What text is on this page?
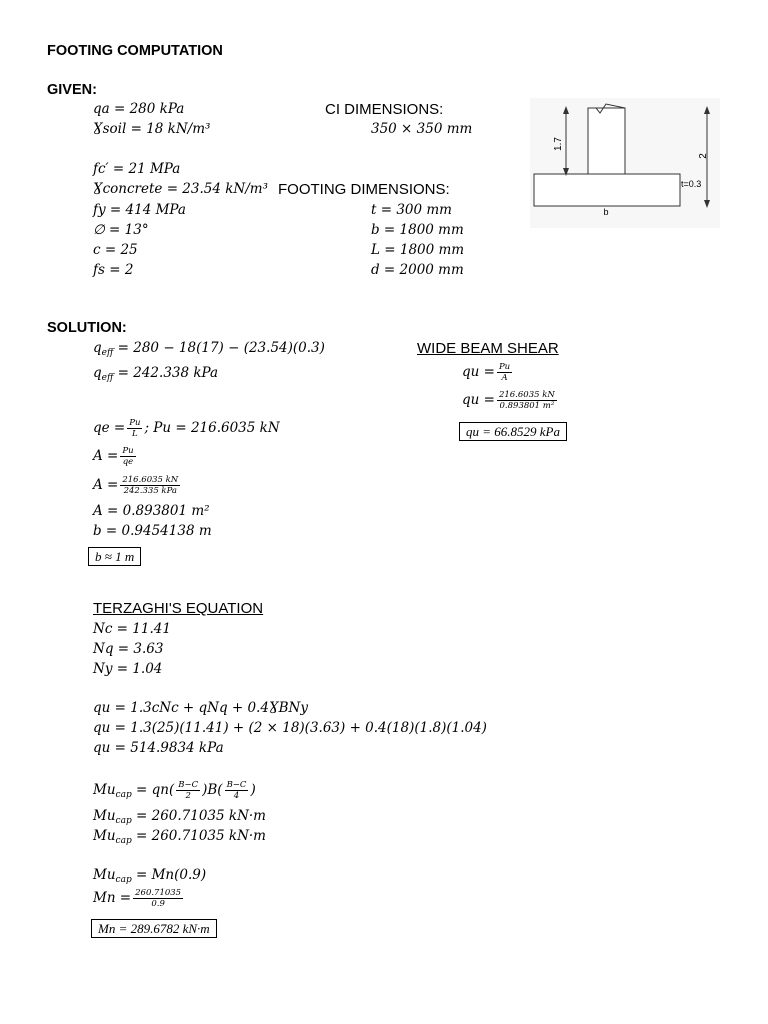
FOOTING COMPUTATION
GIVEN:
qa = 280 kPa
Ɣsoil = 18 kN/m³
fc′ = 21 MPa
Ɣconcrete = 23.54 kN/m³
fy = 414 MPa
∅ = 13°
c = 25
fs = 2
CI DIMENSIONS:
350 × 350 mm
FOOTING DIMENSIONS:
t = 300 mm
b = 1800 mm
L = 1800 mm
d = 2000 mm
1.7
2
t=0.3
b
SOLUTION:
$q_{eff} = 280 - 18(17) - (23.54)(0.3)$
$q_{eff} = 242.338$ kPa
qe = $\frac{Pu}{L}$ ; Pu = 216.6035 kN
$A = \frac{Pu}{qe}$
$A = \frac{216.6035 kN}{\text{242.335 kPa}}$
A = 0.893801 m²
b = 0.9454138 m
b ≈ 1 m
WIDE BEAM SHEAR
qu = $\frac{Pu}{A}$
qu = $\frac{216.6035 kN}{\text{0.893801 m²}}$
qu = 66.8529 kPa
TERZAGHI'S EQUATION
Nc = 11.41
Nq = 3.63
Ny = 1.04
qu = 1.3cNc + qNq + 0.4ƔBNy
qu = 1.3(25)(11.41) + (2 × 18)(3.63) + 0.4(18)(1.8)(1.04)
qu = 514.9834 kPa
$Mu_{cap} = qn( \frac{B-C}{2} )B( \frac{B-C}{4}$ )
$Mu_{cap} = 260.71035$ kN·m
$Mu_{cap} = 260.71035$ kN·m
$Mu_{cap} = Mn(0.9)$
$Mn = \frac{260.71035}{0.9}$
Mn = 289.6782 kN·m
